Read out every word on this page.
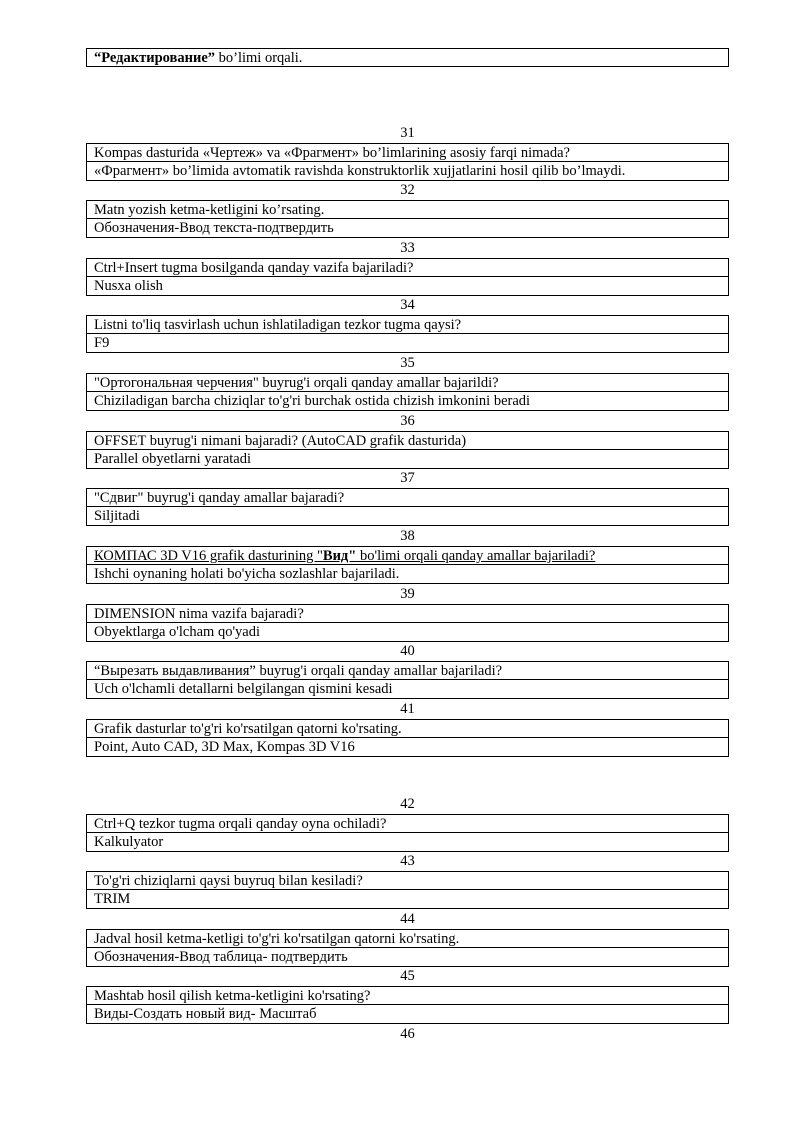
“Редактирование” bo’limi orqali.
31
Kompas dasturida «Чертеж» va «Фрагмент» bo’limlarining asosiy farqi nimada?
«Фрагмент» bo’limida avtomatik ravishda konstruktorlik xujjatlarini hosil qilib bo’lmaydi.
32
Matn yozish ketma-ketligini ko’rsating.
Обозначения-Ввод текста-подтвердить
33
Ctrl+Insert tugma bosilganda qanday vazifa bajariladi?
Nusxa olish
34
Listni to'liq tasvirlash uchun ishlatiladigan tezkor tugma qaysi?
F9
35
"Ортогональная черчения" buyrug'i orqali qanday amallar bajarildi?
Chiziladigan barcha chiziqlar to'g'ri burchak ostida chizish imkonini beradi
36
OFFSET buyrug'i nimani bajaradi? (AutoCAD grafik dasturida)
Parallel obyetlarni yaratadi
37
"Сдвиг" buyrug'i qanday amallar bajaradi?
Siljitadi
38
КОМПАС 3D V16 grafik dasturining "Вид" bo'limi orqali qanday amallar bajariladi?
Ishchi oynaning holati bo'yicha sozlashlar bajariladi.
39
DIMENSION nima vazifa bajaradi?
Obyektlarga o'lcham qo'yadi
40
“Вырезать выдавливания” buyrug'i orqali qanday amallar bajariladi?
Uch o'lchamli detallarni belgilangan qismini kesadi
41
Grafik dasturlar to'g'ri ko'rsatilgan qatorni ko'rsating.
Point, Auto CAD, 3D Max, Kompas 3D V16
42
Ctrl+Q tezkor tugma orqali qanday oyna ochiladi?
Kalkulyator
43
To'g'ri chiziqlarni qaysi buyruq bilan kesiladi?
TRIM
44
Jadval hosil ketma-ketligi to'g'ri ko'rsatilgan qatorni ko'rsating.
Обозначения-Ввод таблица- подтвердить
45
Mashtab hosil qilish ketma-ketligini ko'rsating?
Виды-Создать новый вид- Масштаб
46
